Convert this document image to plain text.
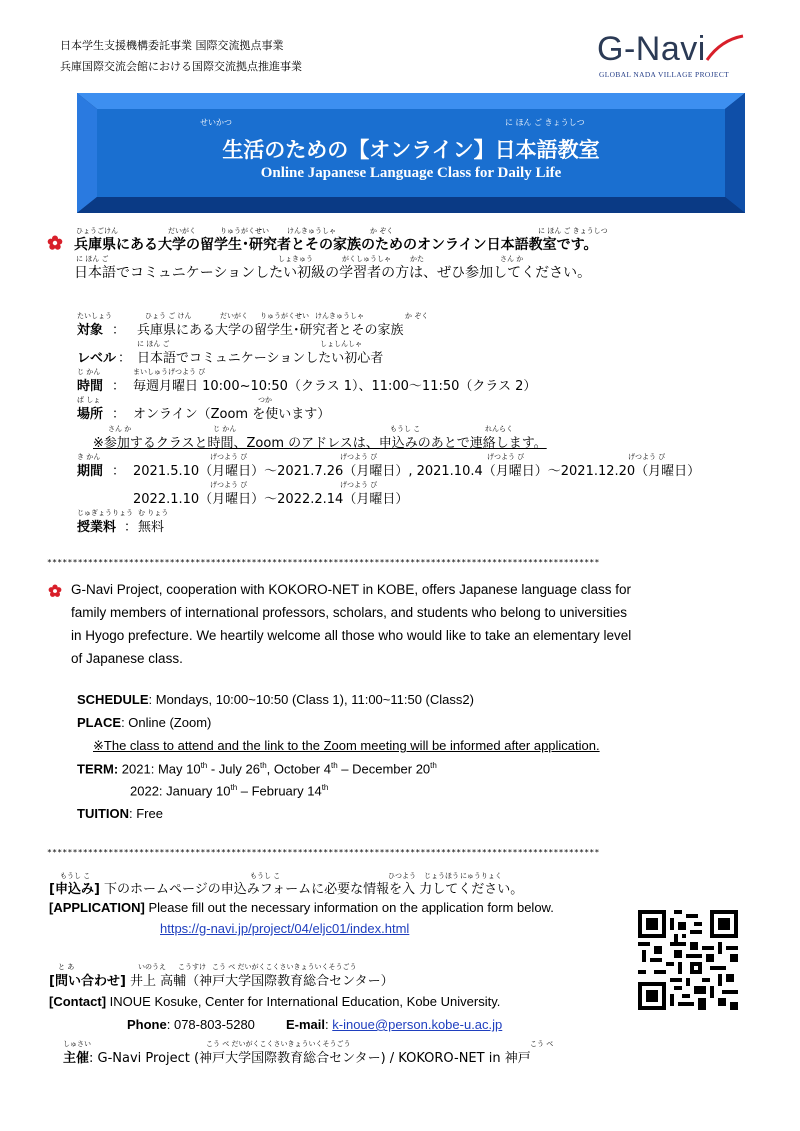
日本学生支援機構委託事業 国際交流拠点事業
兵庫国際交流会館における国際交流拠点推進事業	G-Navi
GLOBAL NADA VILLAGE PROJECT
せいかつ	に ほん ご きょうしつ
生活のための【オンライン】日本語教室
Online Japanese Language Class for Daily Life
ひょうごけん	だいがく	りゅうがくせい	けんきゅうしゃ	か ぞく	に ほん ご きょうしつ
兵庫県にある大学の留学生･研究者とその家族のためのオンライン日本語教室です。
に ほん ご	しょきゅう	がくしゅうしゃ	かた	さん か
日本語でコミュニケーションしたい初級の学習者の方は、ぜひ参加してください。
たいしょう	ひょう ご けん	だいがく りゅうがくせい けんきゅうしゃ	か ぞく
対象 ： 兵庫県にある大学の留学生･研究者とその家族
に ほん ご	しょしんしゃ
レベル ： 日本語でコミュニケーションしたい初心者
じ かん	まいしゅうげつよう び
時間 ： 毎週月曜日 10:00~10:50（クラス 1）、11:00～11:50（クラス 2）
ば しょ	つか
場所 ： オンライン（Zoom を使います）
さん か	じ かん	もうし こ	れんらく
※参加するクラスと時間、Zoom のアドレスは、申込みのあとで連絡します。
き かん	げつよう び	げつよう び	げつよう び	げつよう び
期間 ： 2021.5.10（月曜日）～2021.7.26（月曜日）, 2021.10.4（月曜日）～2021.12.20（月曜日）
げつよう び	げつよう び
2022.1.10（月曜日）～2022.2.14（月曜日）
じゅぎょうりょう む りょう
授業料 ： 無料
************************************************************************************************************
G-Navi Project, cooperation with KOKORO-NET in KOBE, offers Japanese language class for
family members of international professors, scholars, and students who belong to universities
in Hyogo prefecture. We heartily welcome all those who would like to take an elementary level
of Japanese class.
SCHEDULE: Mondays, 10:00~10:50 (Class 1), 11:00~11:50 (Class2)
PLACE: Online (Zoom)
※The class to attend and the link to the Zoom meeting will be informed after application.
TERM: 2021: May 10th - July 26th, October 4th – December 20th
2022: January 10th – February 14th
TUITION: Free
************************************************************************************************************
もうし こ	もうし こ	ひつよう じょうほう にゅうりょく
[申込み] 下のホームページの申込みフォームに必要な情報を入 力してください。
[APPLICATION] Please fill out the necessary information on the application form below.
https://g-navi.jp/project/04/eljc01/index.html
と あ	いのうえ こうすけ こう べ だいがくこくさいきょういくそうごう
[問い合わせ] 井上 高輔（神戸大学国際教育総合センター）
[Contact] INOUE Kosuke, Center for International Education, Kobe University.
Phone: 078-803-5280 E-mail: k-inoue@person.kobe-u.ac.jp
しゅさい	こう べ だいがくこくさいきょういくそうごう	こう べ
主催: G-Navi Project (神戸大学国際教育総合センター) / KOKORO-NET in 神戸
